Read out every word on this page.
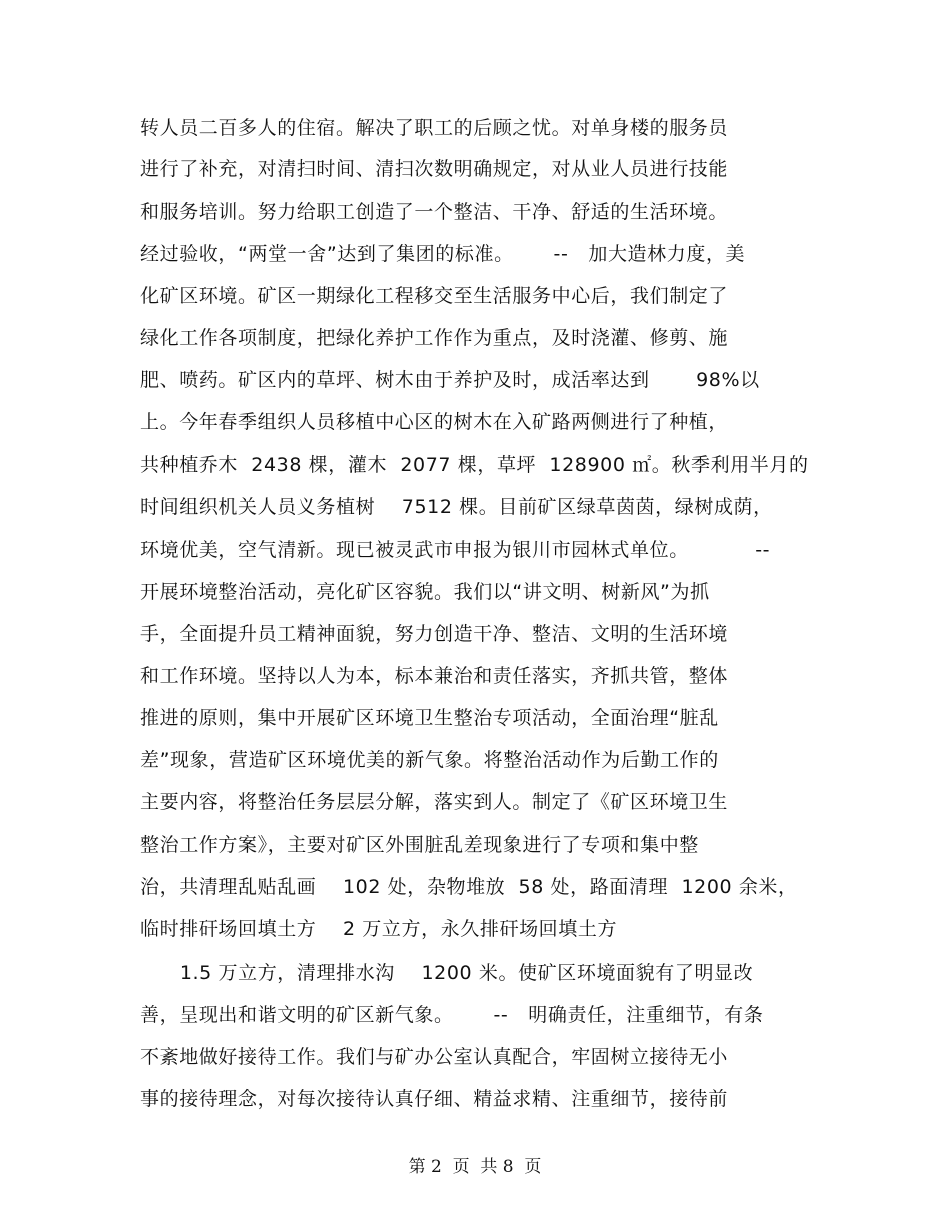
转人员二百多人的住宿。解决了职工的后顾之忧。对单身楼的服务员
进行了补充，对清扫时间、清扫次数明确规定，对从业人员进行技能
和服务培训。努力给职工创造了一个整洁、干净、舒适的生活环境。
经过验收，“两堂一舍”达到了集团的标准。      --   加大造林力度，美
化矿区环境。矿区一期绿化工程移交至生活服务中心后，我们制定了
绿化工作各项制度，把绿化养护工作作为重点，及时浇灌、修剪、施
肥、喷药。矿区内的草坪、树木由于养护及时，成活率达到       98%以
上。今年春季组织人员移植中心区的树木在入矿路两侧进行了种植，
共种植乔木  2438 棵，灌木  2077 棵，草坪  128900 ㎡。秋季利用半月的
时间组织机关人员义务植树    7512 棵。目前矿区绿草茵茵，绿树成荫，
环境优美，空气清新。现已被灵武市申报为银川市园林式单位。          --
开展环境整治活动，亮化矿区容貌。我们以“讲文明、树新风”为抓
手，全面提升员工精神面貌，努力创造干净、整洁、文明的生活环境
和工作环境。坚持以人为本，标本兼治和责任落实，齐抓共管，整体
推进的原则，集中开展矿区环境卫生整治专项活动，全面治理“脏乱
差”现象，营造矿区环境优美的新气象。将整治活动作为后勤工作的
主要内容，将整治任务层层分解，落实到人。制定了《矿区环境卫生
整治工作方案》，主要对矿区外围脏乱差现象进行了专项和集中整
治，共清理乱贴乱画    102 处，杂物堆放  58 处，路面清理  1200 余米，
临时排矸场回填土方    2 万立方，永久排矸场回填土方
1.5 万立方，清理排水沟    1200 米。使矿区环境面貌有了明显改
善，呈现出和谐文明的矿区新气象。      --   明确责任，注重细节，有条
不紊地做好接待工作。我们与矿办公室认真配合，牢固树立接待无小
事的接待理念，对每次接待认真仔细、精益求精、注重细节，接待前
第 2  页  共 8  页
